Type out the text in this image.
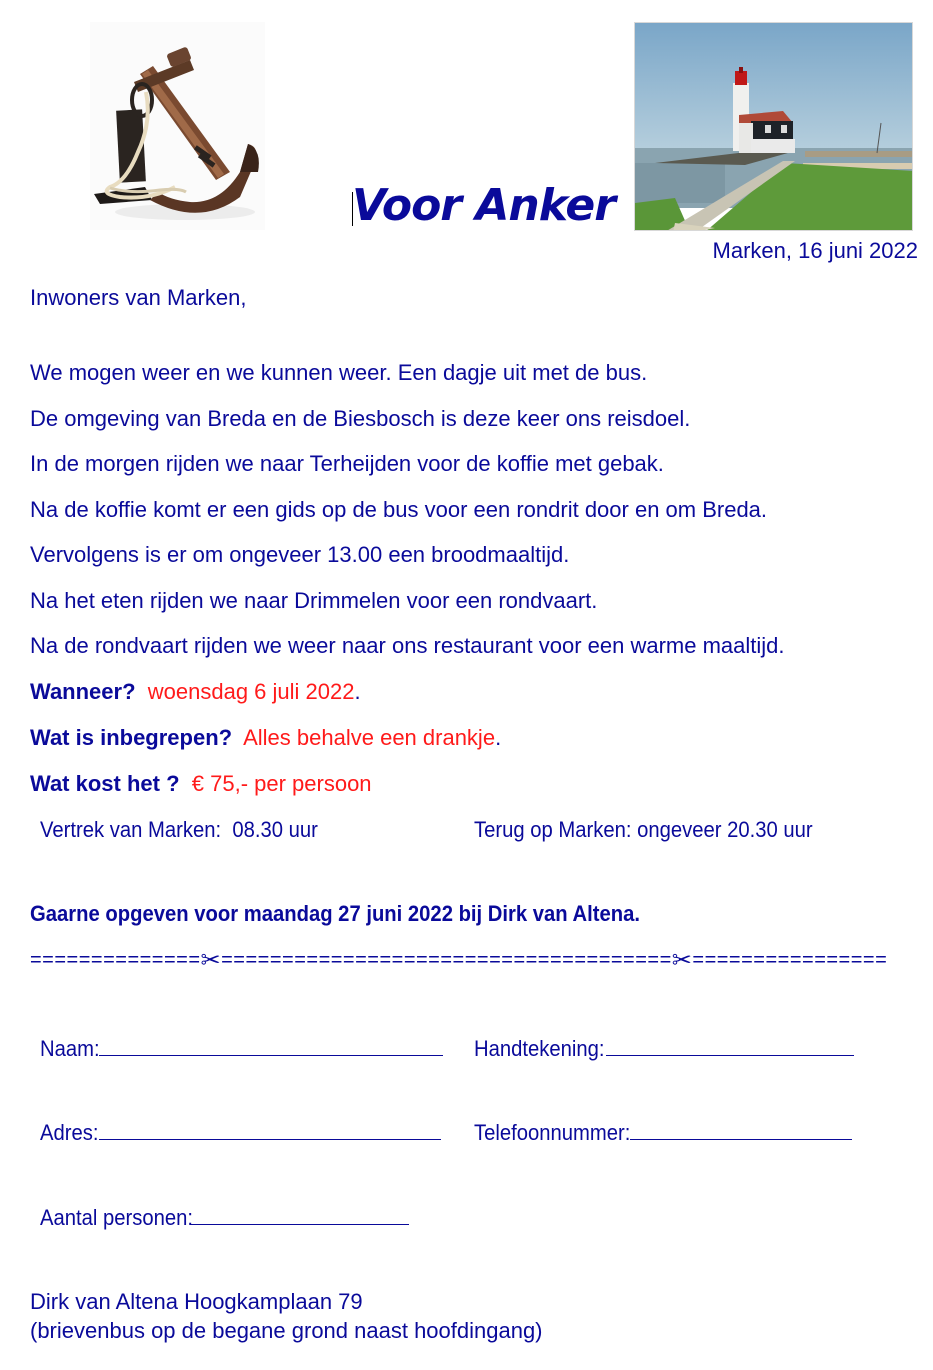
Voor Anker
Marken, 16 juni 2022
Inwoners van Marken,
We mogen weer en we kunnen weer. Een dagje uit met de bus.
De omgeving van Breda en de Biesbosch is deze keer ons reisdoel.
In de morgen rijden we naar Terheijden voor de koffie met gebak.
Na de koffie komt er een gids op de bus voor een rondrit door en om Breda.
Vervolgens is er om ongeveer 13.00 een broodmaaltijd.
Na het eten rijden we naar Drimmelen voor een rondvaart.
Na de rondvaart rijden we weer naar ons restaurant voor een warme maaltijd.
Wanneer? woensdag 6 juli 2022.
Wat is inbegrepen? Alles behalve een drankje.
Wat kost het ? € 75,- per persoon
Vertrek van Marken:  08.30 uur	Terug op Marken: ongeveer 20.30 uur
Gaarne opgeven voor maandag 27 juni 2022 bij Dirk van Altena.
==============✂=====================================✂================
Naam:	Handtekening:
Adres:	Telefoonnummer:
Aantal personen:
Dirk van Altena Hoogkamplaan 79
(brievenbus op de begane grond naast hoofdingang)
